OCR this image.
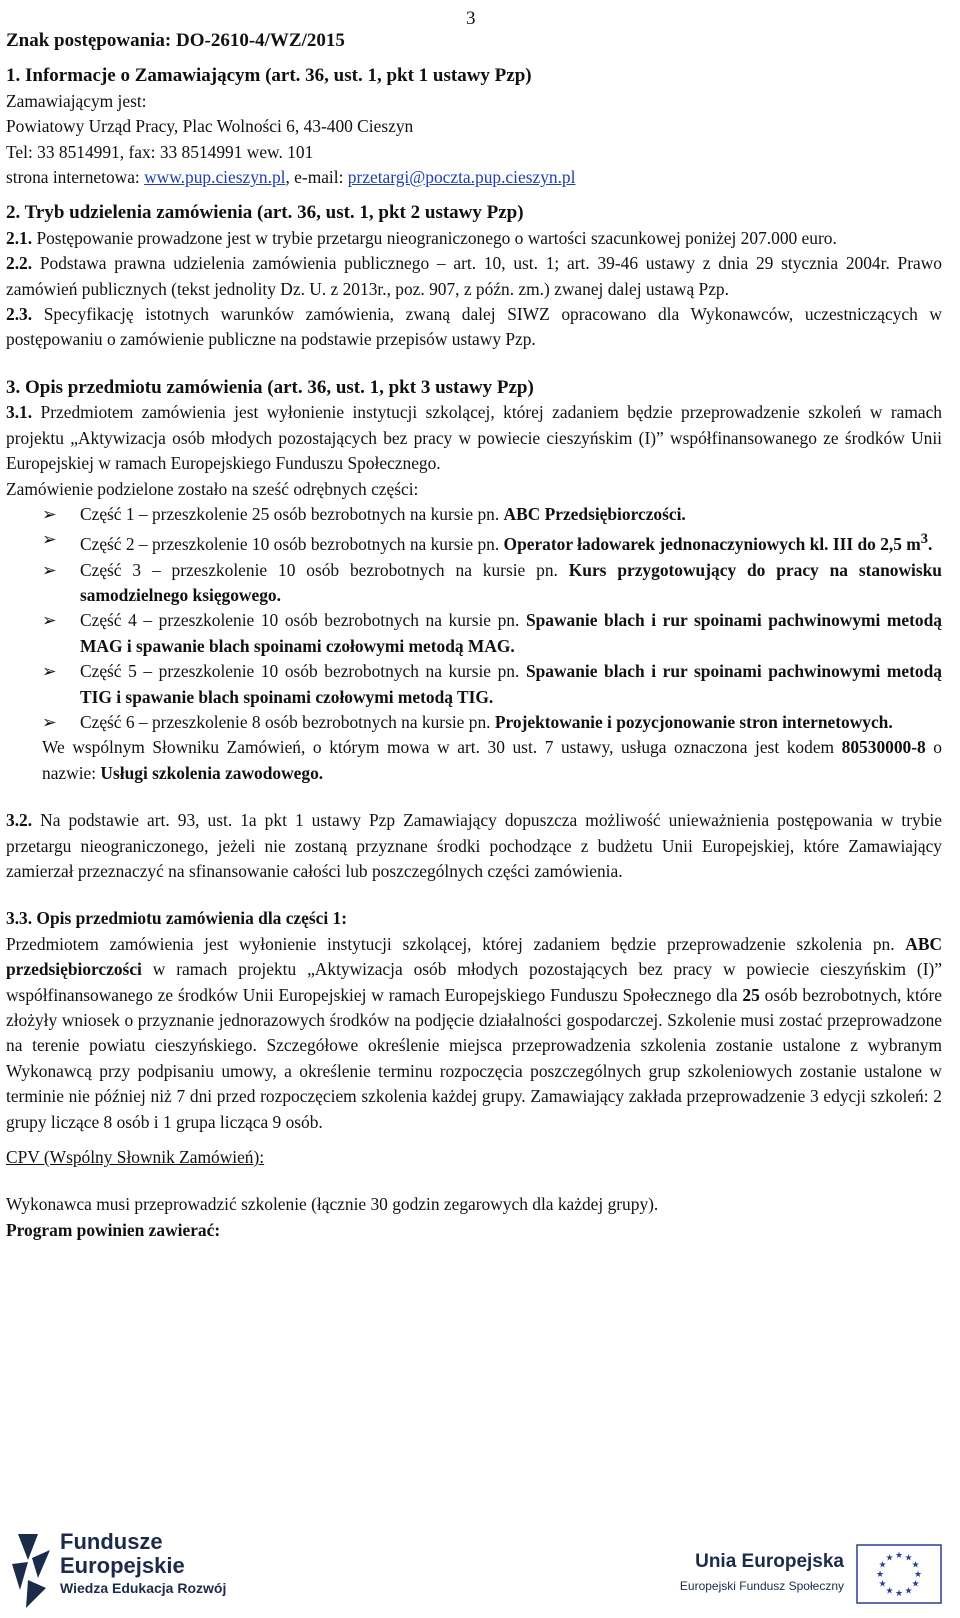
3

Znak postępowania: DO-2610-4/WZ/2015

1. Informacje o Zamawiającym (art. 36, ust. 1, pkt 1 ustawy Pzp)

Zamawiającym jest:

Powiatowy Urząd Pracy, Plac Wolności 6, 43-400 Cieszyn

Tel: 33 8514991, fax: 33 8514991 wew. 101

strona internetowa: www.pup.cieszyn.pl, e-mail: przetargi@poczta.pup.cieszyn.pl

2. Tryb udzielenia zamówienia (art. 36, ust. 1, pkt 2 ustawy Pzp)

2.1. Postępowanie prowadzone jest w trybie przetargu nieograniczonego o wartości szacunkowej poniżej 207.000 euro.

2.2. Podstawa prawna udzielenia zamówienia publicznego – art. 10, ust. 1; art. 39-46 ustawy z dnia 29 stycznia 2004r. Prawo zamówień publicznych (tekst jednolity Dz. U. z 2013r., poz. 907, z późn. zm.) zwanej dalej ustawą Pzp.

2.3. Specyfikację istotnych warunków zamówienia, zwaną dalej SIWZ opracowano dla Wykonawców, uczestniczących w postępowaniu o zamówienie publiczne na podstawie przepisów ustawy Pzp.

3. Opis przedmiotu zamówienia (art. 36, ust. 1, pkt 3 ustawy Pzp)

3.1. Przedmiotem zamówienia jest wyłonienie instytucji szkolącej, której zadaniem będzie przeprowadzenie szkoleń w ramach projektu „Aktywizacja osób młodych pozostających bez pracy w powiecie cieszyńskim (I)” współfinansowanego ze środków Unii Europejskiej w ramach Europejskiego Funduszu Społecznego.

Zamówienie podzielone zostało na sześć odrębnych części:

➢ Część 1 – przeszkolenie 25 osób bezrobotnych na kursie pn. ABC Przedsiębiorczości.
➢ Część 2 – przeszkolenie 10 osób bezrobotnych na kursie pn. Operator ładowarek jednonaczyniowych kl. III do 2,5 $m^3$.
➢ Część 3 – przeszkolenie 10 osób bezrobotnych na kursie pn. Kurs przygotowujący do pracy na stanowisku samodzielnego księgowego.
➢ Część 4 – przeszkolenie 10 osób bezrobotnych na kursie pn. Spawanie blach i rur spoinami pachwinowymi metodą MAG i spawanie blach spoinami czołowymi metodą MAG.
➢ Część 5 – przeszkolenie 10 osób bezrobotnych na kursie pn. Spawanie blach i rur spoinami pachwinowymi metodą TIG i spawanie blach spoinami czołowymi metodą TIG.
➢ Część 6 – przeszkolenie 8 osób bezrobotnych na kursie pn. Projektowanie i pozycjonowanie stron internetowych.

We wspólnym Słowniku Zamówień, o którym mowa w art. 30 ust. 7 ustawy, usługa oznaczona jest kodem 80530000-8 o nazwie: Usługi szkolenia zawodowego.

3.2. Na podstawie art. 93, ust. 1a pkt 1 ustawy Pzp Zamawiający dopuszcza możliwość unieważnienia postępowania w trybie przetargu nieograniczonego, jeżeli nie zostaną przyznane środki pochodzące z budżetu Unii Europejskiej, które Zamawiający zamierzał przeznaczyć na sfinansowanie całości lub poszczególnych części zamówienia.

3.3. Opis przedmiotu zamówienia dla części 1:

Przedmiotem zamówienia jest wyłonienie instytucji szkolącej, której zadaniem będzie przeprowadzenie szkolenia pn. ABC przedsiębiorczości w ramach projektu „Aktywizacja osób młodych pozostających bez pracy w powiecie cieszyńskim (I)” współfinansowanego ze środków Unii Europejskiej w ramach Europejskiego Funduszu Społecznego dla 25 osób bezrobotnych, które złożyły wniosek o przyznanie jednorazowych środków na podjęcie działalności gospodarczej. Szkolenie musi zostać przeprowadzone na terenie powiatu cieszyńskiego. Szczegółowe określenie miejsca przeprowadzenia szkolenia zostanie ustalone z wybranym Wykonawcą przy podpisaniu umowy, a określenie terminu rozpoczęcia poszczególnych grup szkoleniowych zostanie ustalone w terminie nie później niż 7 dni przed rozpoczęciem szkolenia każdej grupy. Zamawiający zakłada przeprowadzenie 3 edycji szkoleń: 2 grupy liczące 8 osób i 1 grupa licząca 9 osób.

CPV (Wspólny Słownik Zamówień):

Wykonawca musi przeprowadzić szkolenie (łącznie 30 godzin zegarowych dla każdej grupy).

Program powinien zawierać:

Fundusze
Europejskie
Wiedza Edukacja Rozwój
Unia Europejska
Europejski Fundusz Społeczny
★ ★
★
★
★
★
★
★
★
★
★
★
